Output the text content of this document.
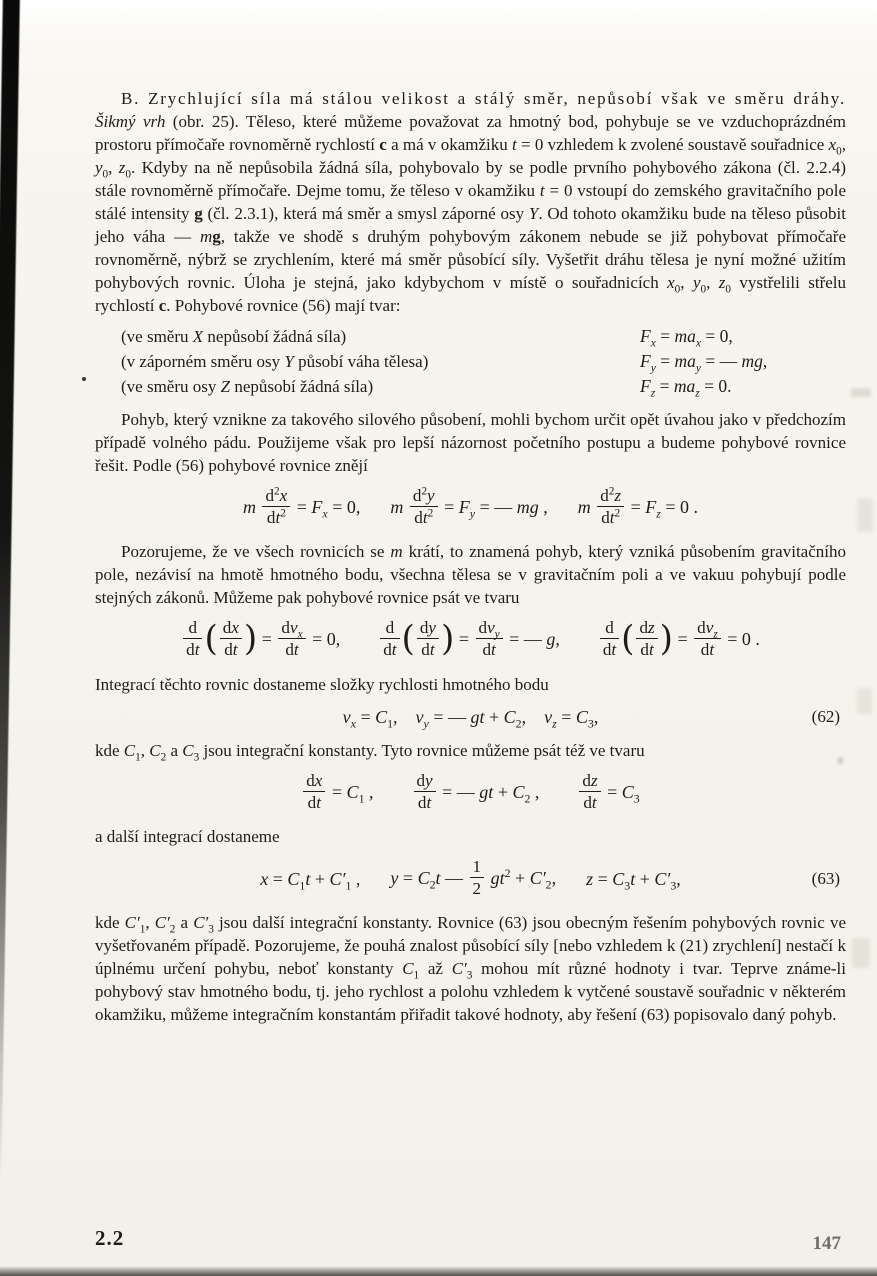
B. Zrychlující síla má stálou velikost a stálý směr, nepůsobí však ve směru dráhy. Šikmý vrh (obr. 25). Těleso, které můžeme považovat za hmotný bod, pohybuje se ve vzduchoprázdném prostoru přímočaře rovnoměrně rychlostí c a má v okamžiku t = 0 vzhledem k zvolené soustavě souřadnice $x_0$, $y_0$, $z_0$. Kdyby na ně nepůsobila žádná síla, pohybovalo by se podle prvního pohybového zákona (čl. 2.2.4) stále rovnoměrně přímočaře. Dejme tomu, že těleso v okamžiku t = 0 vstoupí do zemského gravitačního pole stálé intensity g (čl. 2.3.1), která má směr a smysl záporné osy Y. Od tohoto okamžiku bude na těleso působit jeho váha — mg, takže ve shodě s druhým pohybovým zákonem nebude se již pohybovat přímočaře rovnoměrně, nýbrž se zrychlením, které má směr působící síly. Vyšetřit dráhu tělesa je nyní možné užitím pohybových rovnic. Úloha je stejná, jako kdybychom v místě o souřadnicích $x_0$, $y_0$, $z_0$ vystřelili střelu rychlostí c. Pohybové rovnice (56) mají tvar:

(ve směru X nepůsobí žádná síla)	$F_x = ma_x = 0$,
(v záporném směru osy Y působí váha tělesa)	$F_y = ma_y$ = — mg,
(ve směru osy Z nepůsobí žádná síla)	$F_z = ma_z = 0$.

Pohyb, který vznikne za takového silového působení, mohli bychom určit opět úvahou jako v předchozím případě volného pádu. Použijeme však pro lepší názornost početního postupu a budeme pohybové rovnice řešit. Podle (56) pohybové rovnice znějí

m $\frac{d^2x}{dt^2} = F_x = 0$, m $\frac{d^2y}{dt^2} = F_y$ = — mg , m $\frac{d^2z}{dt^2} = F_z = 0$ .

Pozorujeme, že ve všech rovnicích se m krátí, to znamená pohyb, který vzniká působením gravitačního pole, nezávisí na hmotě hmotného bodu, všechna tělesa se v gravitačním poli a ve vakuu pohybují podle stejných zákonů. Můžeme pak pohybové rovnice psát ve tvaru

$\frac{d}{dt}$ ( $\frac{dx}{dt}$ ) = $\frac{dv_x}{dt} = 0$, $\frac{d}{dt}$ ( $\frac{dy}{dt}$ ) = $\frac{dv_y}{dt}$ = — g, $\frac{d}{dt}$ ( $\frac{dz}{dt}$ ) = $\frac{dv_z}{dt} = 0$ .

Integrací těchto rovnic dostaneme složky rychlosti hmotného bodu

$v_x = C_1$, $v_y$ = — gt + $C_2$, $v_z = C_3$,	(62)

kde $C_1$, $C_2$ a $C_3$ jsou integrační konstanty. Tyto rovnice můžeme psát též ve tvaru

$\frac{dx}{dt} = C_1$ , $\frac{dy}{dt}$ = — gt + $C_2$ , $\frac{dz}{dt} = C_3$

a další integrací dostaneme

$x = C_1t + C'_1$ , $y = C_2t$ — $\frac{1}{2} gt^2 + C'_2$, $z = C_3t + C'_3$,	(63)

kde $C'_1$, $C'_2$ a $C'_3$ jsou další integrační konstanty. Rovnice (63) jsou obecným řešením pohybových rovnic ve vyšetřovaném případě. Pozorujeme, že pouhá znalost působící síly [nebo vzhledem k (21) zrychlení] nestačí k úplnému určení pohybu, neboť konstanty $C_1$ až $C'_3$ mohou mít různé hodnoty i tvar. Teprve známe-li pohybový stav hmotného bodu, tj. jeho rychlost a polohu vzhledem k vytčené soustavě souřadnic v některém okamžiku, můžeme integračním konstantám přiřadit takové hodnoty, aby řešení (63) popisovalo daný pohyb.

2.2	147
